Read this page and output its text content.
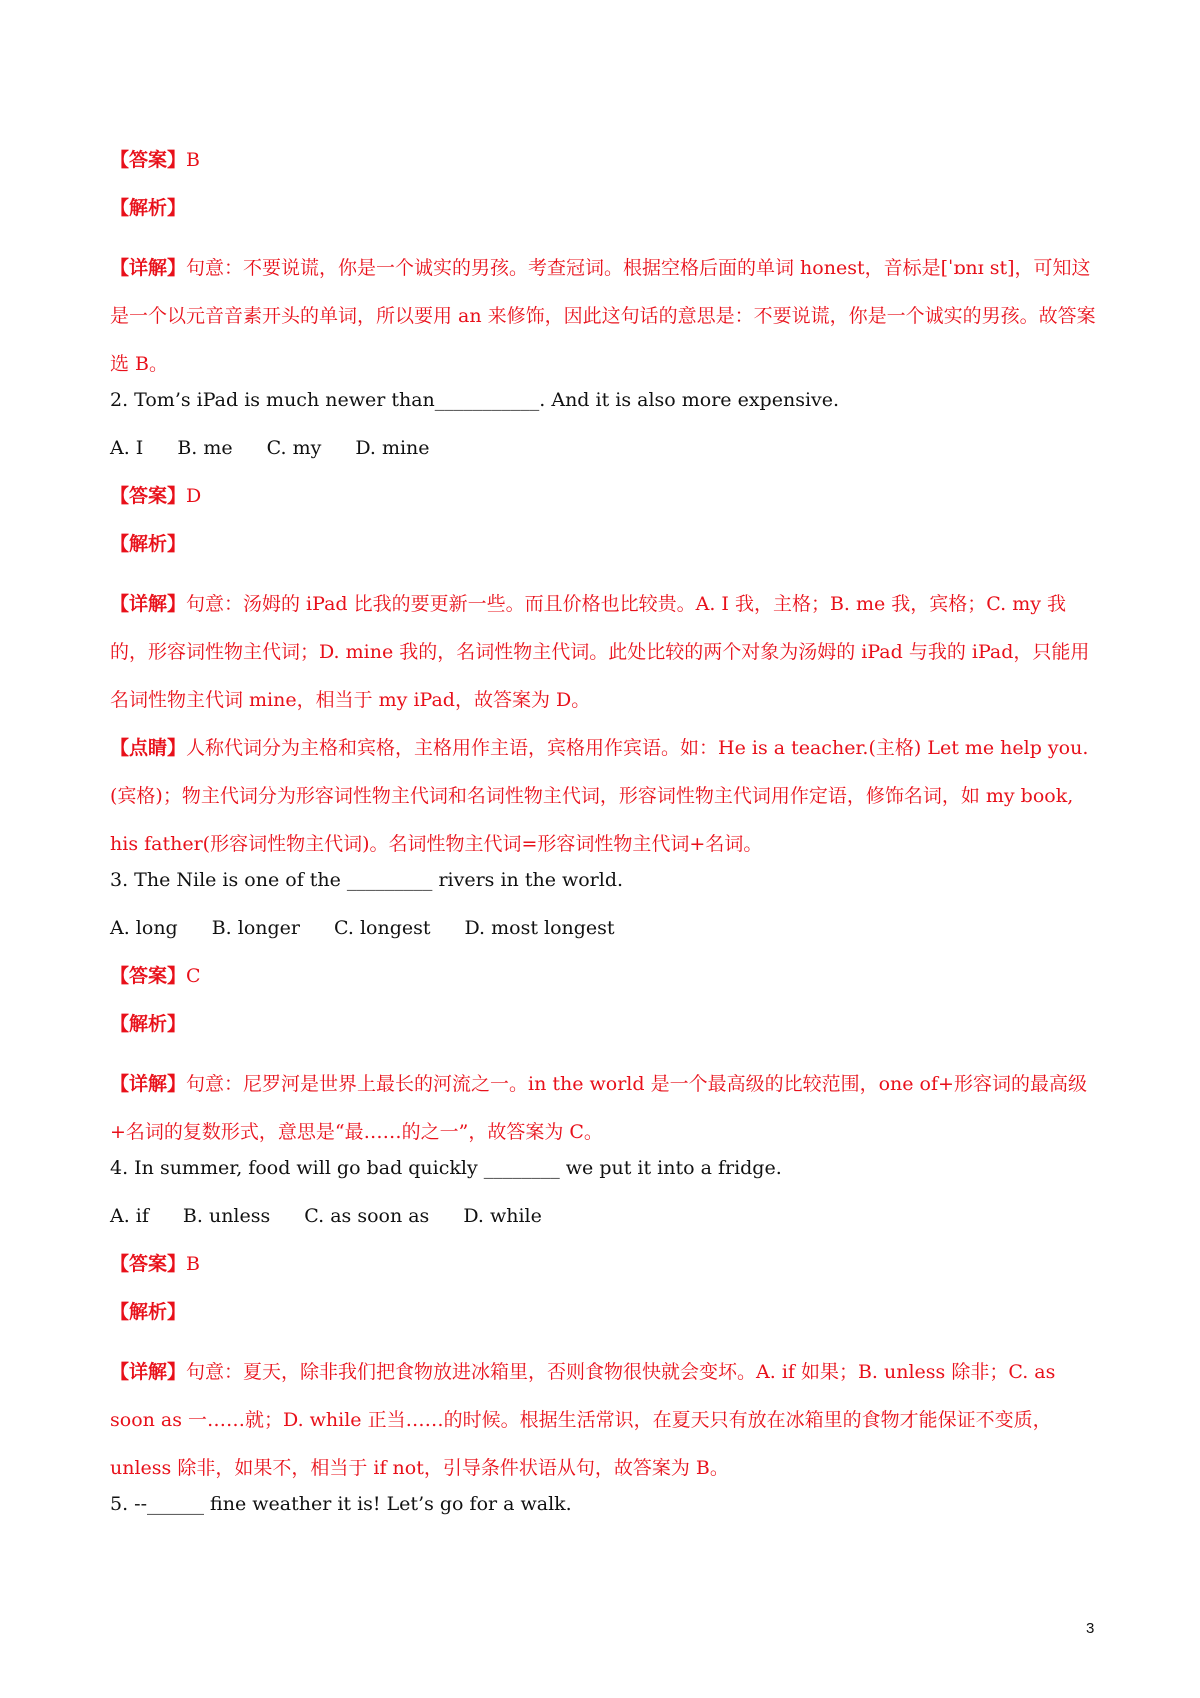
【答案】B

【解析】

【详解】句意：不要说谎，你是一个诚实的男孩。考查冠词。根据空格后面的单词 honest，音标是[ˈɒnɪ st]，可知这是一个以元音音素开头的单词，所以要用 an 来修饰，因此这句话的意思是：不要说谎，你是一个诚实的男孩。故答案选 B。

2. Tom’s iPad is much newer than___________. And it is also more expensive.

A. I B. me C. my D. mine

【答案】D

【解析】

【详解】句意：汤姆的 iPad 比我的要更新一些。而且价格也比较贵。A. I 我，主格；B. me 我，宾格；C. my 我的，形容词性物主代词；D. mine 我的，名词性物主代词。此处比较的两个对象为汤姆的 iPad 与我的 iPad，只能用名词性物主代词 mine，相当于 my iPad，故答案为 D。

【点睛】人称代词分为主格和宾格，主格用作主语，宾格用作宾语。如：He is a teacher.(主格) Let me help you.(宾格)；物主代词分为形容词性物主代词和名词性物主代词，形容词性物主代词用作定语，修饰名词，如 my book, his father(形容词性物主代词)。名词性物主代词=形容词性物主代词+名词。

3. The Nile is one of the _________ rivers in the world.

A. long B. longer C. longest D. most longest

【答案】C

【解析】

【详解】句意：尼罗河是世界上最长的河流之一。in the world 是一个最高级的比较范围，one of+形容词的最高级+名词的复数形式，意思是“最……的之一”，故答案为 C。

4. In summer, food will go bad quickly ________ we put it into a fridge.

A. if B. unless C. as soon as D. while

【答案】B

【解析】

【详解】句意：夏天，除非我们把食物放进冰箱里，否则食物很快就会变坏。A. if 如果；B. unless 除非；C. as soon as 一……就；D. while 正当……的时候。根据生活常识，在夏天只有放在冰箱里的食物才能保证不变质，unless 除非，如果不，相当于 if not，引导条件状语从句，故答案为 B。

5. --______ fine weather it is! Let’s go for a walk.

3
